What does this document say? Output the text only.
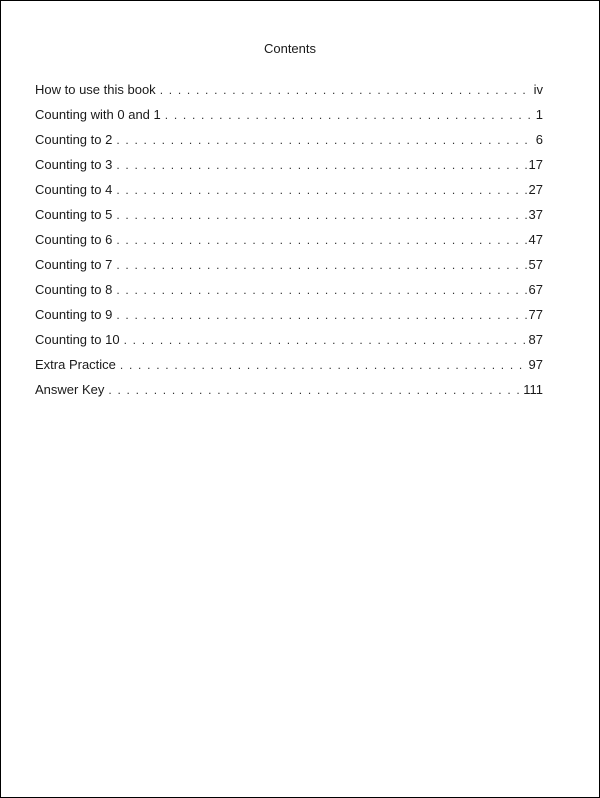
Contents
How to use this book . . .	iv
Counting with 0 and 1 . . .	1
Counting to 2 . . .	6
Counting to 3 . . .	17
Counting to 4 . . .	27
Counting to 5 . . .	37
Counting to 6 . . .	47
Counting to 7 . . .	57
Counting to 8 . . .	67
Counting to 9 . . .	77
Counting to 10 . . .	87
Extra Practice . . .	97
Answer Key . . .	111
